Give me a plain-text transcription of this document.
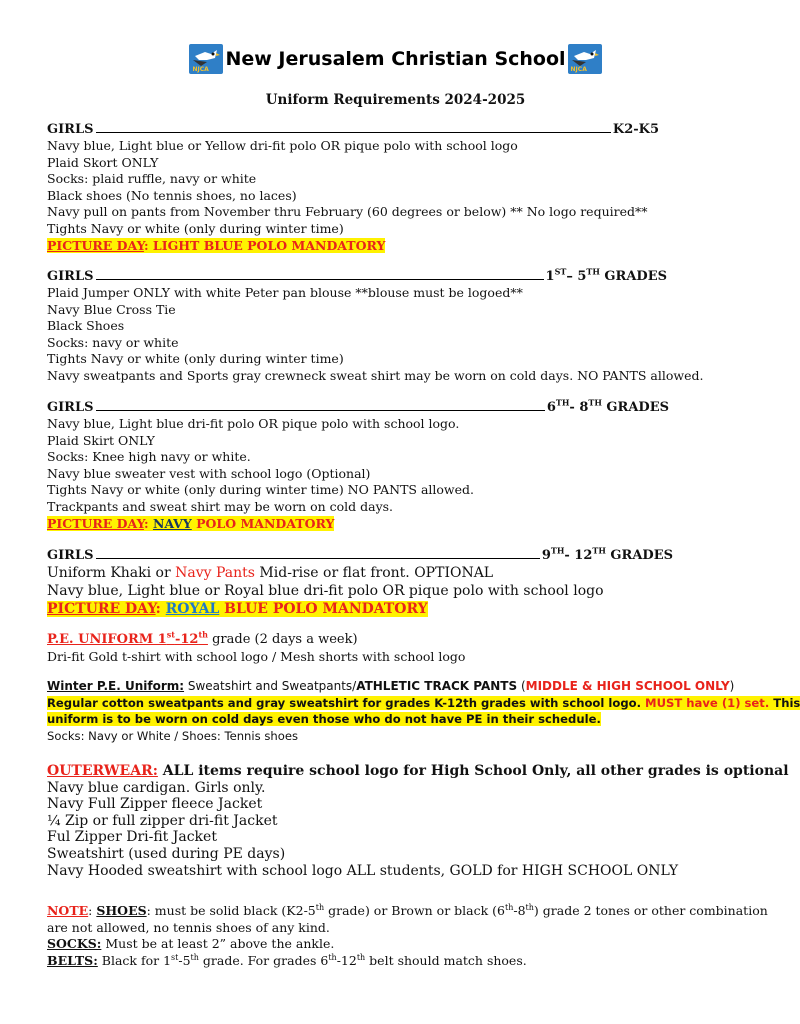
NJCA New Jerusalem Christian School NJCA
Uniform Requirements 2024-2025
GIRLS	K2-K5
Navy blue, Light blue or Yellow dri-fit polo OR pique polo with school logo
Plaid Skort ONLY
Socks: plaid ruffle, navy or white
Black shoes (No tennis shoes, no laces)
Navy pull on pants from November thru February (60 degrees or below) ** No logo required**
Tights Navy or white (only during winter time)
PICTURE DAY: LIGHT BLUE POLO MANDATORY
GIRLS	1ST– 5TH GRADES
Plaid Jumper ONLY with white Peter pan blouse **blouse must be logoed**
Navy Blue Cross Tie
Black Shoes
Socks: navy or white
Tights Navy or white (only during winter time)
Navy sweatpants and Sports gray crewneck sweat shirt may be worn on cold days. NO PANTS allowed.
GIRLS	6TH- 8TH GRADES
Navy blue, Light blue dri-fit polo OR pique polo with school logo.
Plaid Skirt ONLY
Socks: Knee high navy or white.
Navy blue sweater vest with school logo (Optional)
Tights Navy or white (only during winter time) NO PANTS allowed.
Trackpants and sweat shirt may be worn on cold days.
PICTURE DAY: NAVY POLO MANDATORY
GIRLS	9TH- 12TH GRADES
Uniform Khaki or Navy Pants Mid-rise or flat front. OPTIONAL
Navy blue, Light blue or Royal blue dri-fit polo OR pique polo with school logo
PICTURE DAY: ROYAL BLUE POLO MANDATORY
P.E. UNIFORM 1st-12th grade (2 days a week)
Dri-fit Gold t-shirt with school logo / Mesh shorts with school logo
Winter P.E. Uniform: Sweatshirt and Sweatpants/ATHLETIC TRACK PANTS (MIDDLE & HIGH SCHOOL ONLY)
Regular cotton sweatpants and gray sweatshirt for grades K-12th grades with school logo. MUST have (1) set. This
uniform is to be worn on cold days even those who do not have PE in their schedule.
Socks: Navy or White / Shoes: Tennis shoes
OUTERWEAR: ALL items require school logo for High School Only, all other grades is optional
Navy blue cardigan. Girls only.
Navy Full Zipper fleece Jacket
¼ Zip or full zipper dri-fit Jacket
Ful Zipper Dri-fit Jacket
Sweatshirt (used during PE days)
Navy Hooded sweatshirt with school logo ALL students, GOLD for HIGH SCHOOL ONLY
NOTE: SHOES: must be solid black (K2-5th grade) or Brown or black (6th-8th) grade 2 tones or other combination
are not allowed, no tennis shoes of any kind.
SOCKS: Must be at least 2” above the ankle.
BELTS: Black for 1st-5th grade. For grades 6th-12th belt should match shoes.
